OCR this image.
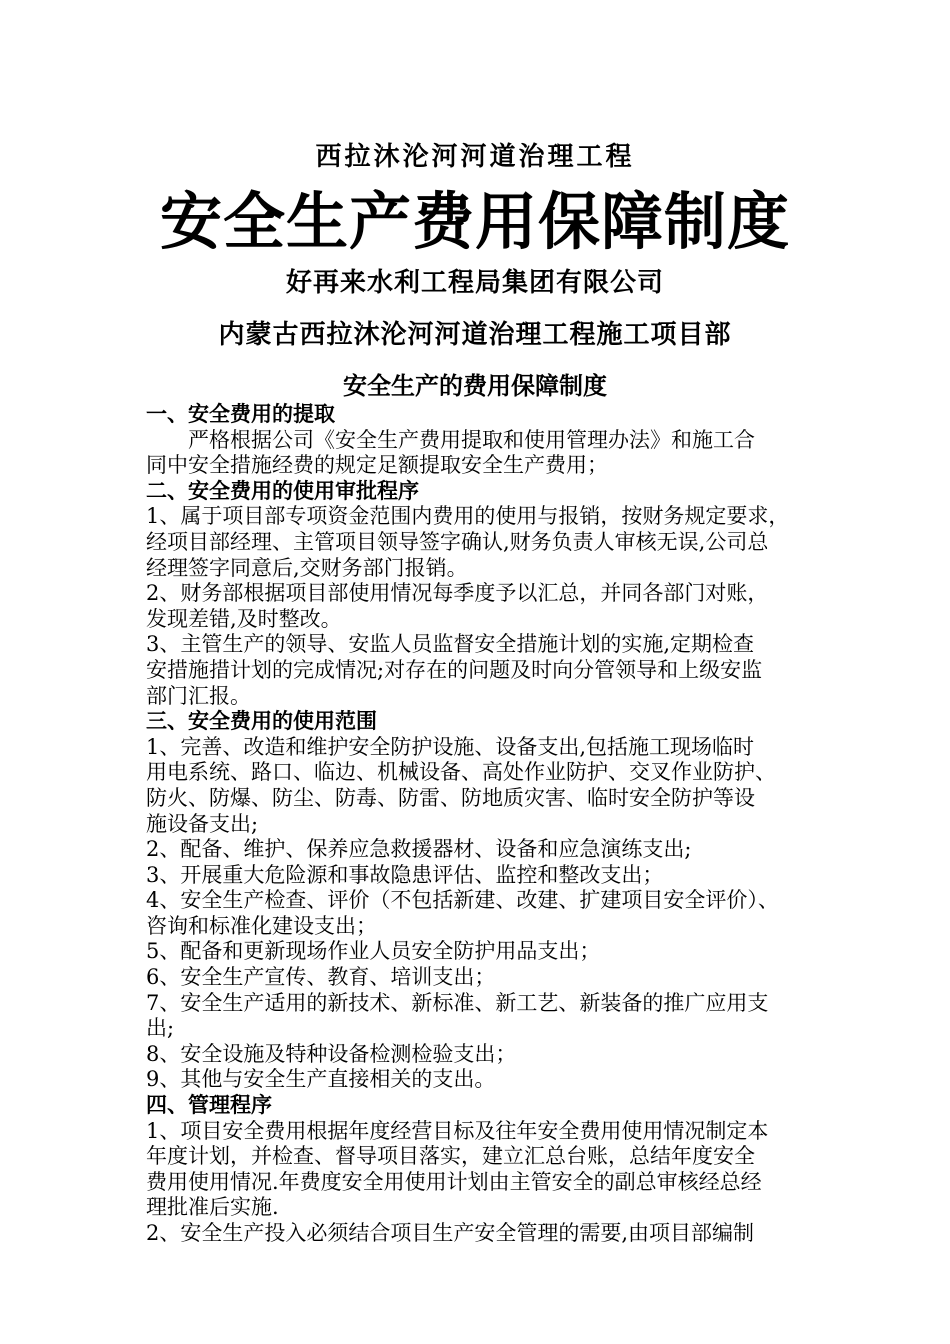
西拉沐沦河河道治理工程
安全生产费用保障制度
好再来水利工程局集团有限公司
内蒙古西拉沐沦河河道治理工程施工项目部
安全生产的费用保障制度

一、安全费用的提取

严格根据公司《安全生产费用提取和使用管理办法》和施工合

同中安全措施经费的规定足额提取安全生产费用；

二、安全费用的使用审批程序

1、属于项目部专项资金范围内费用的使用与报销，按财务规定要求，

经项目部经理、主管项目领导签字确认,财务负责人审核无误,公司总

经理签字同意后,交财务部门报销。

2、财务部根据项目部使用情况每季度予以汇总，并同各部门对账，

发现差错,及时整改。

3、主管生产的领导、安监人员监督安全措施计划的实施,定期检查

安措施措计划的完成情况;对存在的问题及时向分管领导和上级安监

部门汇报。

三、安全费用的使用范围

1、完善、改造和维护安全防护设施、设备支出,包括施工现场临时

用电系统、路口、临边、机械设备、高处作业防护、交叉作业防护、

防火、防爆、防尘、防毒、防雷、防地质灾害、临时安全防护等设

施设备支出;

2、配备、维护、保养应急救援器材、设备和应急演练支出;

3、开展重大危险源和事故隐患评估、监控和整改支出；

4、安全生产检查、评价（不包括新建、改建、扩建项目安全评价）、

咨询和标准化建设支出；

5、配备和更新现场作业人员安全防护用品支出；

6、安全生产宣传、教育、培训支出；

7、安全生产适用的新技术、新标准、新工艺、新装备的推广应用支

出;

8、安全设施及特种设备检测检验支出；

9、其他与安全生产直接相关的支出。

四、管理程序

1、项目安全费用根据年度经营目标及往年安全费用使用情况制定本

年度计划，并检查、督导项目落实，建立汇总台账，总结年度安全

费用使用情况.年费度安全用使用计划由主管安全的副总审核经总经

理批准后实施.

2、安全生产投入必须结合项目生产安全管理的需要,由项目部编制
